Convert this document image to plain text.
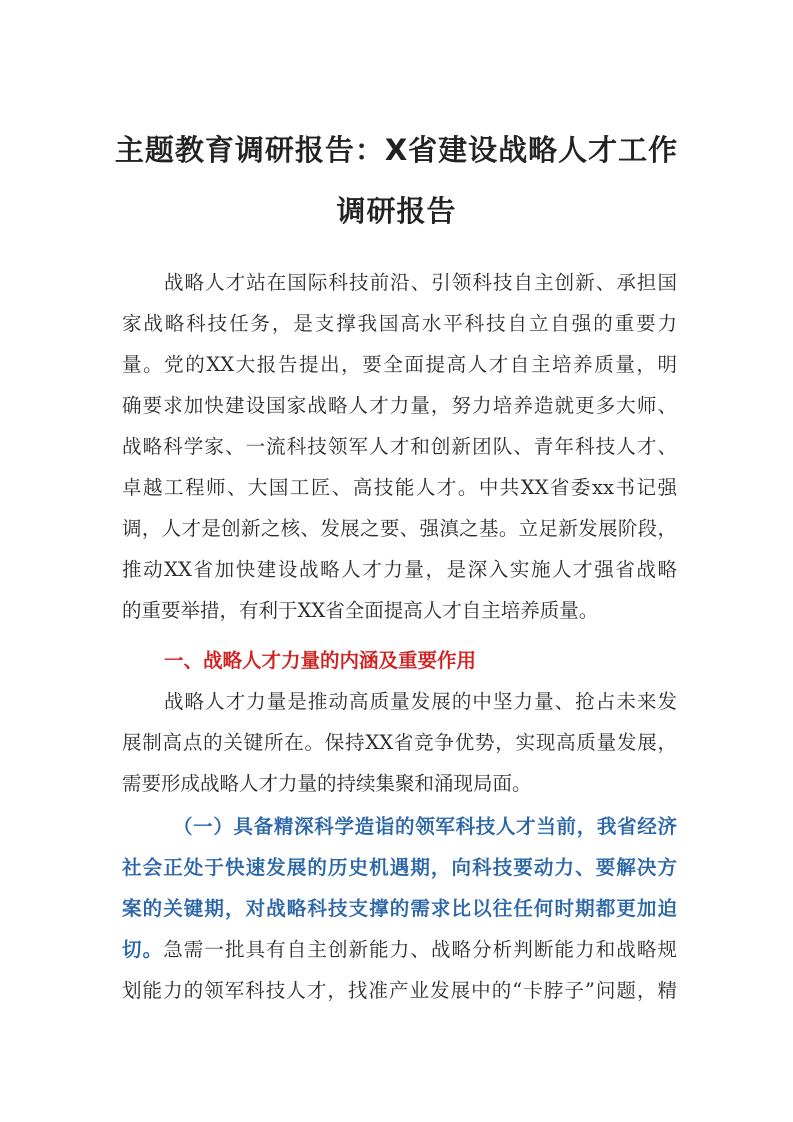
主题教育调研报告：X省建设战略人才工作
调研报告

战略人才站在国际科技前沿、引领科技自主创新、承担国

家战略科技任务，是支撑我国高水平科技自立自强的重要力

量。党的XX大报告提出，要全面提高人才自主培养质量，明

确要求加快建设国家战略人才力量，努力培养造就更多大师、

战略科学家、一流科技领军人才和创新团队、青年科技人才、

卓越工程师、大国工匠、高技能人才。中共XX省委xx书记强

调，人才是创新之核、发展之要、强滇之基。立足新发展阶段，

推动XX省加快建设战略人才力量，是深入实施人才强省战略

的重要举措，有利于XX省全面提高人才自主培养质量。

一、战略人才力量的内涵及重要作用

战略人才力量是推动高质量发展的中坚力量、抢占未来发

展制高点的关键所在。保持XX省竞争优势，实现高质量发展，

需要形成战略人才力量的持续集聚和涌现局面。

（一）具备精深科学造诣的领军科技人才当前，我省经济

社会正处于快速发展的历史机遇期，向科技要动力、要解决方

案的关键期，对战略科技支撑的需求比以往任何时期都更加迫

切。急需一批具有自主创新能力、战略分析判断能力和战略规

划能力的领军科技人才，找准产业发展中的“卡脖子”问题，精
